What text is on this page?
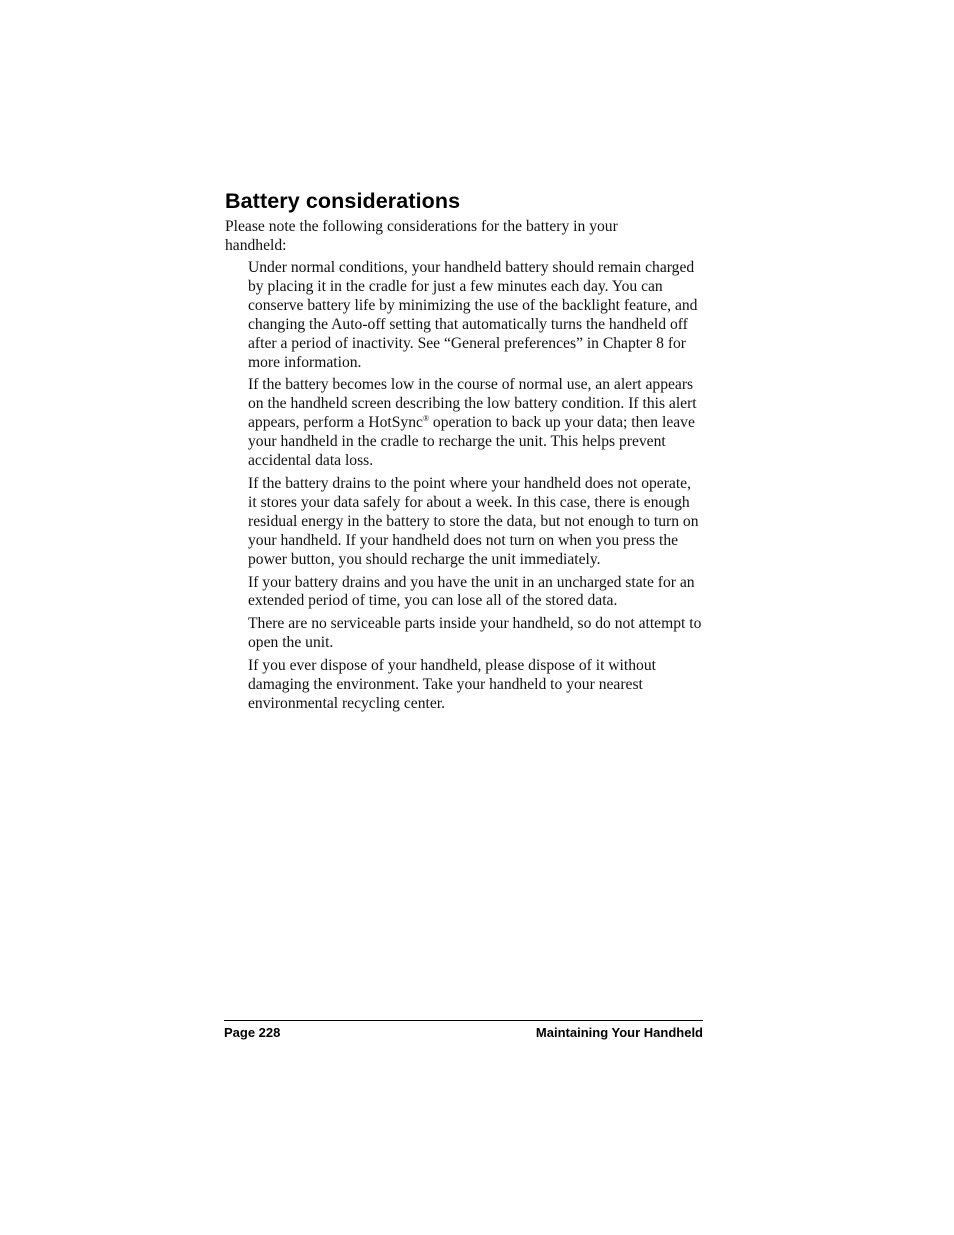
Battery considerations

Please note the following considerations for the battery in your handheld:

Under normal conditions, your handheld battery should remain charged by placing it in the cradle for just a few minutes each day. You can conserve battery life by minimizing the use of the backlight feature, and changing the Auto-off setting that automatically turns the handheld off after a period of inactivity. See “General preferences” in Chapter 8 for more information.

If the battery becomes low in the course of normal use, an alert appears on the handheld screen describing the low battery condition. If this alert appears, perform a HotSync® operation to back up your data; then leave your handheld in the cradle to recharge the unit. This helps prevent accidental data loss.

If the battery drains to the point where your handheld does not operate, it stores your data safely for about a week. In this case, there is enough residual energy in the battery to store the data, but not enough to turn on your handheld. If your handheld does not turn on when you press the power button, you should recharge the unit immediately.

If your battery drains and you have the unit in an uncharged state for an extended period of time, you can lose all of the stored data.

There are no serviceable parts inside your handheld, so do not attempt to open the unit.

If you ever dispose of your handheld, please dispose of it without damaging the environment. Take your handheld to your nearest environmental recycling center.

Page 228	Maintaining Your Handheld
